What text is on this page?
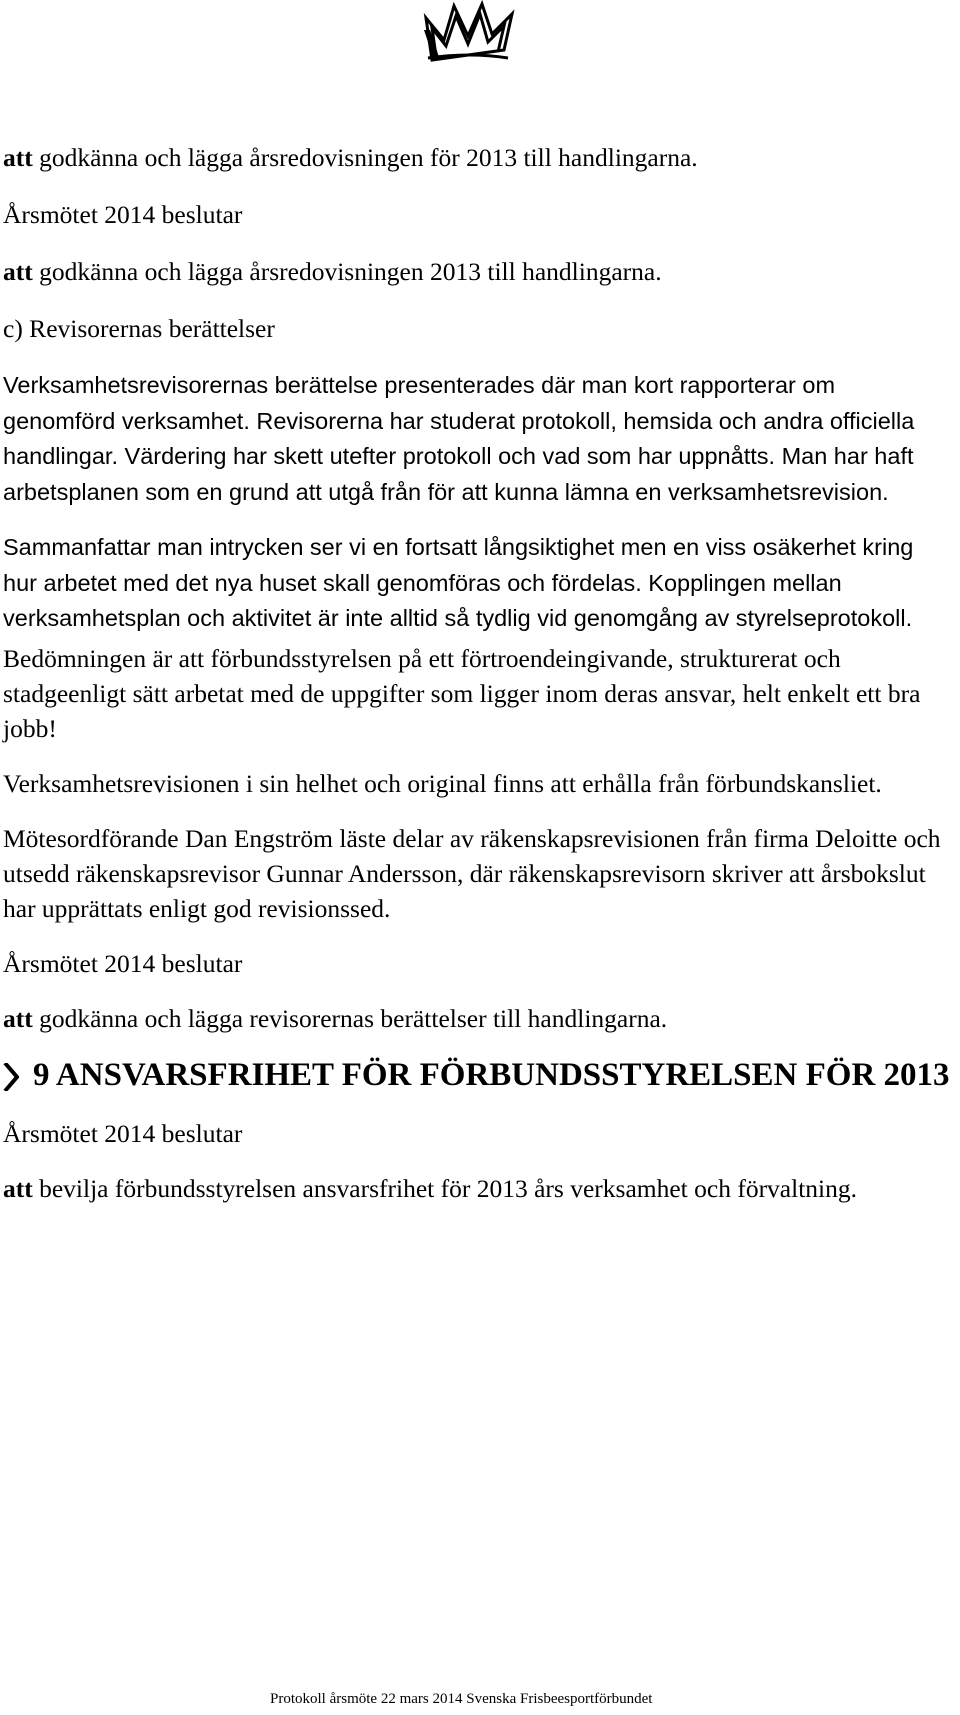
att godkänna och lägga årsredovisningen för 2013 till handlingarna.

Årsmötet 2014 beslutar

att godkänna och lägga årsredovisningen 2013 till handlingarna.

c) Revisorernas berättelser

Verksamhetsrevisorernas berättelse presenterades där man kort rapporterar om genomförd verksamhet. Revisorerna har studerat protokoll, hemsida och andra officiella handlingar. Värdering har skett utefter protokoll och vad som har uppnåtts. Man har haft arbetsplanen som en grund att utgå från för att kunna lämna en verksamhetsrevision.

Sammanfattar man intrycken ser vi en fortsatt långsiktighet men en viss osäkerhet kring hur arbetet med det nya huset skall genomföras och fördelas. Kopplingen mellan verksamhetsplan och aktivitet är inte alltid så tydlig vid genomgång av styrelseprotokoll.

Bedömningen är att förbundsstyrelsen på ett förtroendeingivande, strukturerat och stadgeenligt sätt arbetat med de uppgifter som ligger inom deras ansvar, helt enkelt ett bra jobb!

Verksamhetsrevisionen i sin helhet och original finns att erhålla från förbundskansliet.

Mötesordförande Dan Engström läste delar av räkenskapsrevisionen från firma Deloitte och utsedd räkenskapsrevisor Gunnar Andersson, där räkenskapsrevisorn skriver att årsbokslut har upprättats enligt god revisionssed.

Årsmötet 2014 beslutar

att godkänna och lägga revisorernas berättelser till handlingarna.

9 ANSVARSFRIHET FÖR FÖRBUNDSSTYRELSEN FÖR 2013

Årsmötet 2014 beslutar

att bevilja förbundsstyrelsen ansvarsfrihet för 2013 års verksamhet och förvaltning.

Protokoll årsmöte 22 mars 2014 Svenska Frisbeesportförbundet
